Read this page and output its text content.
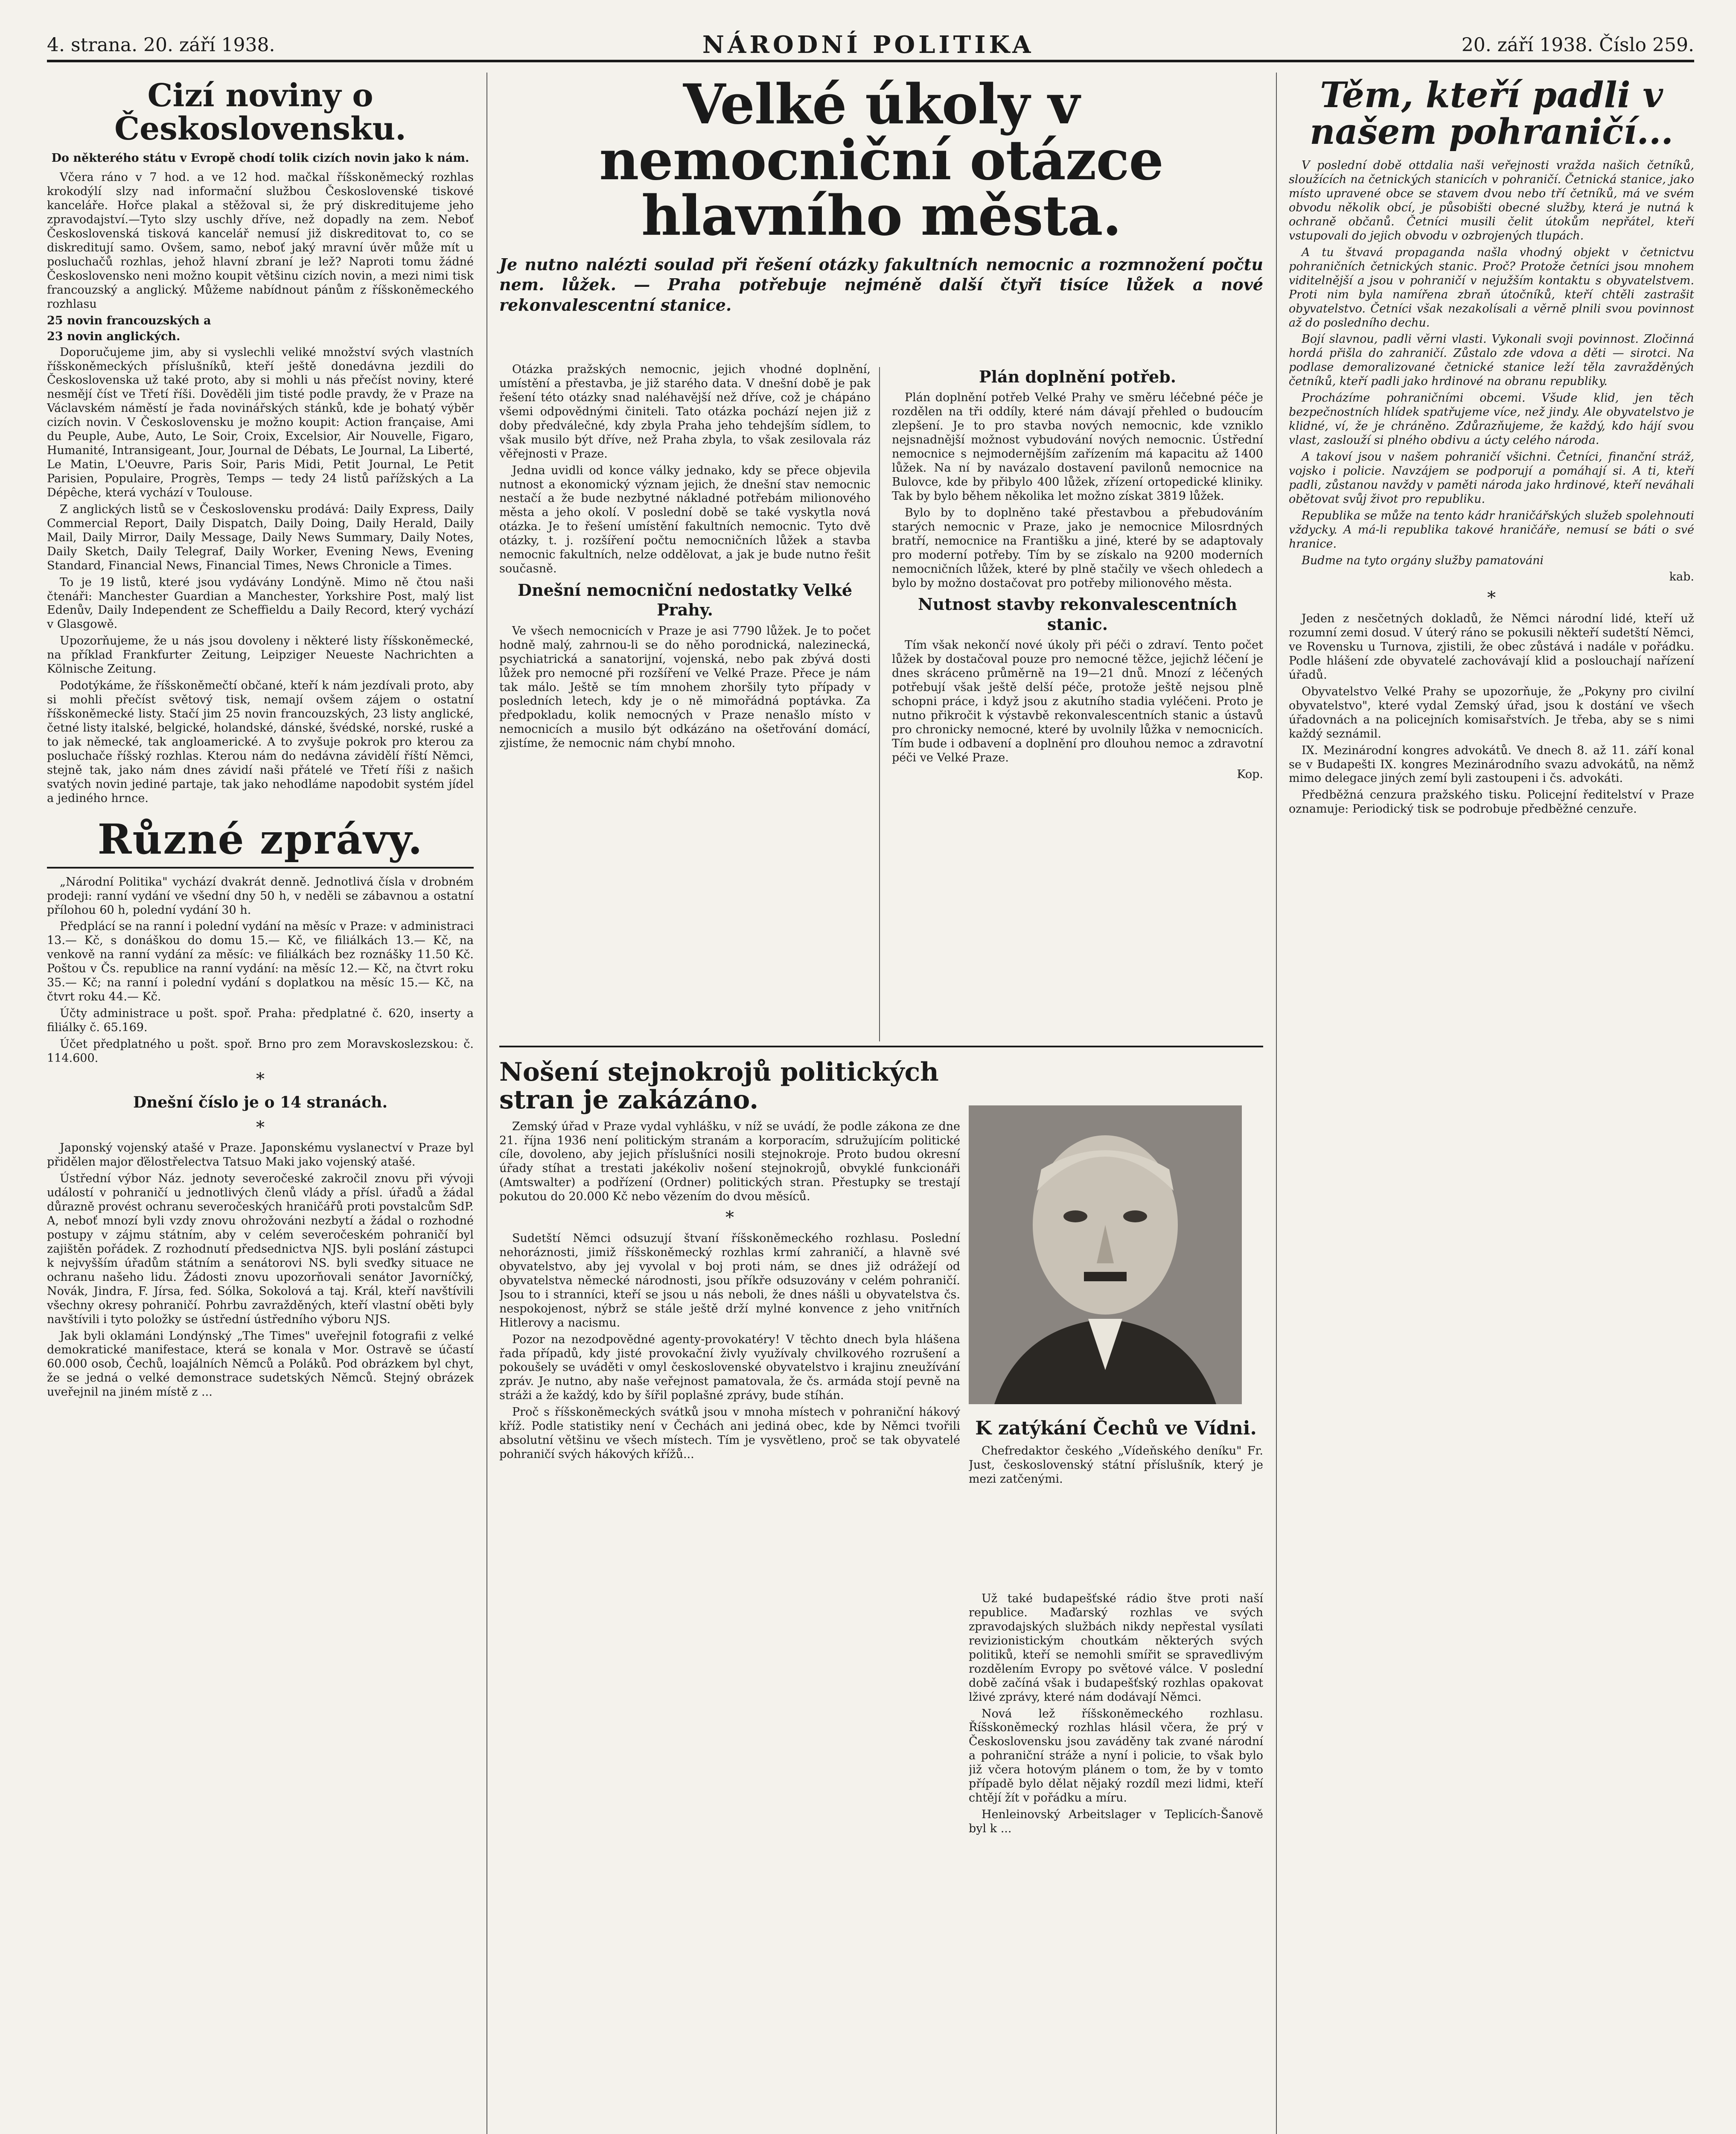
4. strana. 20. září 1938.	NÁRODNÍ POLITIKA	20. září 1938. Číslo 259.
Cizí noviny o Československu.
Do některého státu v Evropě chodí tolik cizích novin jako k nám.

Včera ráno v 7 hod. a ve 12 hod. mačkal říšskoněmecký rozhlas krokodýlí slzy nad informační službou Československé tiskové kanceláře. Hořce plakal a stěžoval si, že prý diskreditujeme jeho zpravodajství.—Tyto slzy uschly dříve, než dopadly na zem. Neboť Československá tisková kancelář nemusí již diskreditovat to, co se diskreditují samo. Ovšem, samo, neboť jaký mravní úvěr může mít u posluchačů rozhlas, jehož hlavní zbraní je lež? Naproti tomu žádné Československo neni možno koupit většinu cizích novin, a mezi nimi tisk francouzský a anglický. Můžeme nabídnout pánům z říšskoněmeckého rozhlasu

25 novin francouzských a

23 novin anglických.

Doporučujeme jim, aby si vyslechli veliké množství svých vlastních říšskoněmeckých příslušníků, kteří ještě donedávna jezdili do Československa už také proto, aby si mohli u nás přečíst noviny, které nesmějí číst ve Třetí říši. Dověděli jim tisté podle pravdy, že v Praze na Václavském náměstí je řada novinářských stánků, kde je bohatý výběr cizích novin. V Československu je možno koupit: Action française, Ami du Peuple, Aube, Auto, Le Soir, Croix, Excelsior, Air Nouvelle, Figaro, Humanité, Intransigeant, Jour, Journal de Débats, Le Journal, La Liberté, Le Matin, L'Oeuvre, Paris Soir, Paris Midi, Petit Journal, Le Petit Parisien, Populaire, Progrès, Temps — tedy 24 listů pařížských a La Dépêche, která vychází v Toulouse.

Z anglických listů se v Československu prodává: Daily Express, Daily Commercial Report, Daily Dispatch, Daily Doing, Daily Herald, Daily Mail, Daily Mirror, Daily Message, Daily News Summary, Daily Notes, Daily Sketch, Daily Telegraf, Daily Worker, Evening News, Evening Standard, Financial News, Financial Times, News Chronicle a Times.

To je 19 listů, které jsou vydávány Londýně. Mimo ně čtou naši čtenáři: Manchester Guardian a Manchester, Yorkshire Post, malý list Edenův, Daily Independent ze Scheffieldu a Daily Record, který vychází v Glasgowě.

Upozorňujeme, že u nás jsou dovoleny i některé listy říšskoněmecké, na příklad Frankfurter Zeitung, Leipziger Neueste Nachrichten a Kölnische Zeitung.

Podotýkáme, že říšskoněmečtí občané, kteří k nám jezdívali proto, aby si mohli přečíst světový tisk, nemají ovšem zájem o ostatní říšskoněmecké listy. Stačí jim 25 novin francouzských, 23 listy anglické, četné listy italské, belgické, holandské, dánské, švédské, norské, ruské a to jak německé, tak angloamerické. A to zvyšuje pokrok pro kterou za posluchače říšský rozhlas. Kterou nám do nedávna závidělí říští Němci, stejně tak, jako nám dnes závidí naši přátelé ve Třetí říši z našich svatých novin jediné partaje, tak jako nehodláme napodobit systém jídel a jediného hrnce.

Různé zprávy.

„Národní Politika" vychází dvakrát denně. Jednotlivá čísla v drobném prodeji: ranní vydání ve všední dny 50 h, v neděli se zábavnou a ostatní přílohou 60 h, polední vydání 30 h.

Předplácí se na ranní i polední vydání na měsíc v Praze: v administraci 13.— Kč, s donáškou do domu 15.— Kč, ve filiálkách 13.— Kč, na venkově na ranní vydání za měsíc: ve filiálkách bez roznášky 11.50 Kč. Poštou v Čs. republice na ranní vydání: na měsíc 12.— Kč, na čtvrt roku 35.— Kč; na ranní i polední vydání s doplatkou na měsíc 15.— Kč, na čtvrt roku 44.— Kč.

Účty administrace u pošt. spoř. Praha: předplatné č. 620, inserty a filiálky č. 65.169.

Účet předplatného u pošt. spoř. Brno pro zem Moravskoslezskou: č. 114.600.

*
Dnešní číslo je o 14 stranách.
*

Japonský vojenský atašé v Praze. Japonskému vyslanectví v Praze byl přidělen major ďělostřelectva Tatsuo Maki jako vojenský atašé.

Ústřední výbor Náz. jednoty severočeské zakročil znovu při vývoji událostí v pohraničí u jednotlivých členů vlády a přísl. úřadů a žádal důrazně provést ochranu severočeských hraničářů proti povstalcům SdP. A, neboť mnozí byli vzdy znovu ohrožováni nezbytí a žádal o rozhodné postupy v zájmu státním, aby v celém severočeském pohraničí byl zajištěn pořádek. Z rozhodnutí předsednictva NJS. byli poslání zástupci k nejvyšším úřadům státním a senátorovi NS. byli sveďky situace ne ochranu našeho lidu. Žádosti znovu upozorňovali senátor Javorníčký, Novák, Jindra, F. Jírsa, fed. Sólka, Sokolová a taj. Král, kteří navštívili všechny okresy pohraničí. Pohrbu zavražděných, kteří vlastní oběti byly navštívili i tyto položky se ústřední ústředního výboru NJS.

Jak byli oklamáni Londýnský „The Times" uveřejnil fotografii z velké demokratické manifestace, která se konala v Mor. Ostravě se účastí 60.000 osob, Čechů, loajálních Němců a Poláků. Pod obrázkem byl chyt, že se jedná o velké demonstrace sudetských Němců. Stejný obrázek uveřejnil na jiném místě z ...

Velké úkoly v nemocniční otázce hlavního města.
Je nutno nalézti soulad při řešení otázky fakultních nemocnic a rozmnožení počtu nem. lůžek. — Praha potřebuje nejméně další čtyři tisíce lůžek a nové rekonvalescentní stanice.

Otázka pražských nemocnic, jejich vhodné doplnění, umístění a přestavba, je již starého data. V dnešní době je pak řešení této otázky snad naléhavější než dříve, což je chápáno všemi odpovědnými činiteli. Tato otázka pochází nejen již z doby předválečné, kdy zbyla Praha jeho tehdejším sídlem, to však musilo být dříve, než Praha zbyla, to však zesilovala ráz věřejnosti v Praze.

Jedna uvidli od konce války jednako, kdy se přece objevila nutnost a ekonomický význam jejich, že dnešní stav nemocnic nestačí a že bude nezbytné nákladné potřebám milionového města a jeho okolí. V poslední době se také vyskytla nová otázka. Je to řešení umístění fakultních nemocnic. Tyto dvě otázky, t. j. rozšíření počtu nemocničních lůžek a stavba nemocnic fakultních, nelze oddělovat, a jak je bude nutno řešit současně.

Dnešní nemocniční nedostatky Velké Prahy.

Ve všech nemocnicích v Praze je asi 7790 lůžek. Je to počet hodně malý, zahrnou-li se do něho porodnická, nalezinecká, psychiatrická a sanatorijní, vojenská, nebo pak zbývá dosti lůžek pro nemocné při rozšíření ve Velké Praze. Přece je nám tak málo. Ještě se tím mnohem zhoršily tyto případy v posledních letech, kdy je o ně mimořádná poptávka. Za předpokladu, kolik nemocných v Praze nenašlo místo v nemocnicích a musilo být odkázáno na ošetřování domácí, zjistíme, že nemocnic nám chybí mnoho.

Plán doplnění potřeb.

Plán doplnění potřeb Velké Prahy ve směru léčebné péče je rozdělen na tři oddíly, které nám dávají přehled o budoucím zlepšení. Je to pro stavba nových nemocnic, kde vzniklo nejsnadnější možnost vybudování nových nemocnic. Ústřední nemocnice s nejmodernějším zařízením má kapacitu až 1400 lůžek. Na ní by navázalo dostavení pavilonů nemocnice na Bulovce, kde by přibylo 400 lůžek, zřízení ortopedické kliniky. Tak by bylo během několika let možno získat 3819 lůžek.

Bylo by to doplněno také přestavbou a přebudováním starých nemocnic v Praze, jako je nemocnice Milosrdných bratří, nemocnice na Františku a jiné, které by se adaptovaly pro moderní potřeby. Tím by se získalo na 9200 moderních nemocničních lůžek, které by plně stačily ve všech ohledech a bylo by možno dostačovat pro potřeby milionového města.

Nutnost stavby rekonvalescentních stanic.

Tím však nekončí nové úkoly při péči o zdraví. Tento počet lůžek by dostačoval pouze pro nemocné těžce, jejichž léčení je dnes skráceno průměrně na 19—21 dnů. Mnozí z léčených potřebují však ještě delší péče, protože ještě nejsou plně schopni práce, i když jsou z akutního stadia vyléčeni. Proto je nutno přikročit k výstavbě rekonvalescentních stanic a ústavů pro chronicky nemocné, které by uvolnily lůžka v nemocnicích. Tím bude i odbavení a doplnění pro dlouhou nemoc a zdravotní péči ve Velké Praze.

Kop.

Nošení stejnokrojů politických stran je zakázáno.

Zemský úřad v Praze vydal vyhlášku, v níž se uvádí, že podle zákona ze dne 21. října 1936 není politickým stranám a korporacím, sdružujícím politické cíle, dovoleno, aby jejich příslušníci nosili stejnokroje. Proto budou okresní úřady stíhat a trestati jakékoliv nošení stejnokrojů, obvyklé funkcionáři (Amtswalter) a podřízení (Ordner) politických stran. Přestupky se trestají pokutou do 20.000 Kč nebo vězením do dvou měsíců.

*

Sudetští Němci odsuzují štvaní říšskoněmeckého rozhlasu. Poslední nehoráznosti, jimiž říšskoněmecký rozhlas krmí zahraničí, a hlavně své obyvatelstvo, aby jej vyvolal v boj proti nám, se dnes již odrážejí od obyvatelstva německé národnosti, jsou příkře odsuzovány v celém pohraničí. Jsou to i stranníci, kteří se jsou u nás neboli, že dnes nášli u obyvatelstva čs. nespokojenost, nýbrž se stále ještě drží mylné konvence z jeho vnitřních Hitlerovy a nacismu.

Pozor na nezodpovědné agenty-provokatéry! V těchto dnech byla hlášena řada případů, kdy jisté provokační živly využívaly chvilkového rozrušení a pokoušely se uváděti v omyl československé obyvatelstvo i krajinu zneužívání zpráv. Je nutno, aby naše veřejnost pamatovala, že čs. armáda stojí pevně na stráži a že každý, kdo by šířil poplašné zprávy, bude stíhán.

Proč s říšskoněmeckých svátků jsou v mnoha místech v pohraniční hákový kříž. Podle statistiky není v Čechách ani jediná obec, kde by Němci tvořili absolutní většinu ve všech místech. Tím je vysvětleno, proč se tak obyvatelé pohraničí svých hákových křížů...

K zatýkání Čechů ve Vídni.

Chefredaktor českého „Vídeňského deníku" Fr. Just, československý státní příslušník, který je mezi zatčenými.

Už také budapešťské rádio štve proti naší republice. Maďarský rozhlas ve svých zpravodajských službách nikdy nepřestal vysílati revizionistickým choutkám některých svých politiků, kteří se nemohli smířit se spravedlivým rozdělením Evropy po světové válce. V poslední době začíná však i budapešťský rozhlas opakovat lživé zprávy, které nám dodávají Němci.

Nová lež říšskoněmeckého rozhlasu. Říšskoněmecký rozhlas hlásil včera, že prý v Československu jsou zaváděny tak zvané národní a pohraniční stráže a nyní i policie, to však bylo již včera hotovým plánem o tom, že by v tomto případě bylo dělat nějaký rozdíl mezi lidmi, kteří chtějí žít v pořádku a míru.

Henleinovský Arbeitslager v Teplicích-Šanově byl k ...

Těm, kteří padli v našem pohraničí...

V poslední době ottdalia naši veřejnosti vražda našich četníků, sloužících na četnických stanicích v pohraničí. Četnická stanice, jako místo upravené obce se stavem dvou nebo tří četníků, má ve svém obvodu několik obcí, je působišti obecné služby, která je nutná k ochraně občanů. Četníci musili čelit útokům nepřátel, kteří vstupovali do jejich obvodu v ozbrojených tlupách.

A tu štvavá propaganda našla vhodný objekt v četnictvu pohraničních četnických stanic. Proč? Protože četníci jsou mnohem viditelnější a jsou v pohraničí v nejužším kontaktu s obyvatelstvem. Proti nim byla namířena zbraň útočníků, kteří chtěli zastrašit obyvatelstvo. Četníci však nezakolísali a věrně plnili svou povinnost až do posledního dechu.

Bojí slavnou, padli věrni vlasti. Vykonali svoji povinnost. Zločinná hordá přišla do zahraničí. Zůstalo zde vdova a děti — sirotci. Na podlase demoralizované četnické stanice leží těla zavražděných četníků, kteří padli jako hrdinové na obranu republiky.

Procházíme pohraničními obcemi. Všude klid, jen těch bezpečnostních hlídek spatřujeme více, než jindy. Ale obyvatelstvo je klidné, ví, že je chráněno. Zdůrazňujeme, že každý, kdo hájí svou vlast, zaslouží si plného obdivu a úcty celého národa.

A takoví jsou v našem pohraničí všichni. Četníci, finanční stráž, vojsko i policie. Navzájem se podporují a pomáhají si. A ti, kteří padli, zůstanou navždy v paměti národa jako hrdinové, kteří neváhali obětovat svůj život pro republiku.

Republika se může na tento kádr hraničářských služeb spolehnouti vždycky. A má-li republika takové hraničáře, nemusí se báti o své hranice.

Budme na tyto orgány služby pamatováni

kab.

*

Jeden z nesčetných dokladů, že Němci národní lidé, kteří už rozumní zemi dosud. V úterý ráno se pokusili někteří sudetští Němci, ve Rovensku u Turnova, zjistili, že obec zůstává i nadále v pořádku. Podle hlášení zde obyvatelé zachovávají klid a poslouchají nařízení úřadů.

Obyvatelstvo Velké Prahy se upozorňuje, že „Pokyny pro civilní obyvatelstvo", které vydal Zemský úřad, jsou k dostání ve všech úřadovnách a na policejních komisařstvích. Je třeba, aby se s nimi každý seznámil.

IX. Mezinárodní kongres advokátů. Ve dnech 8. až 11. září konal se v Budapešti IX. kongres Mezinárodního svazu advokátů, na němž mimo delegace jiných zemí byli zastoupeni i čs. advokáti.

Předběžná cenzura pražského tisku. Policejní ředitelství v Praze oznamuje: Periodický tisk se podrobuje předběžné cenzuře.
